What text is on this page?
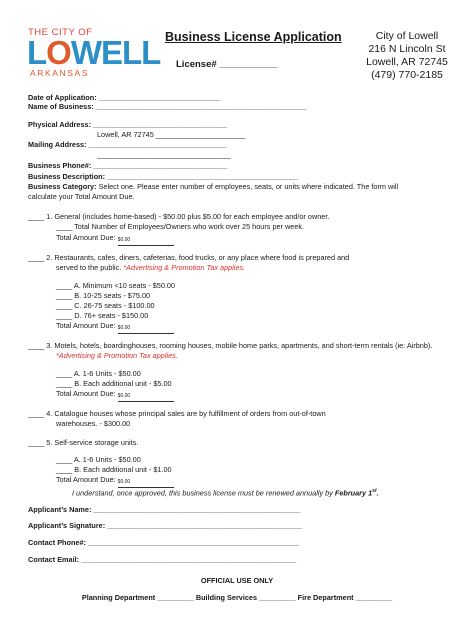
THE CITY OF
LOWELL
ARKANSAS
Business License Application
License# ___________
City of Lowell
216 N Lincoln St
Lowell, AR 72745
(479) 770-2185
Date of Application: ______________________________
Name of Business: ____________________________________________________
Physical Address: _________________________________
Lowell, AR 72745 ______________________
Mailing Address: __________________________________
_________________________________
Business Phone#: _________________________________
Business Description: _______________________________________________
Business Category: Select one. Please enter number of employees, seats, or units where indicated. The form will
calculate your Total Amount Due.
____ 1. General (includes home-based) - $50.00 plus $5.00 for each employee and/or owner.
____ Total Number of Employees/Owners who work over 25 hours per week.
Total Amount Due: $0.00
____ 2. Restaurants, cafes, diners, cafeterias, food trucks, or any place where food is prepared and
served to the public. *Advertising & Promotion Tax applies.
____ A. Minimum <10 seats - $50.00
____ B. 10-25 seats - $75.00
____ C. 26-75 seats - $100.00
____ D. 76+ seats - $150.00
Total Amount Due: $0.00
____ 3. Motels, hotels, boardinghouses, rooming houses, mobile home parks, apartments, and short-term rentals (ie: Airbnb).
*Advertising & Promotion Tax applies.
____ A. 1-6 Units - $50.00
____ B. Each additional unit - $5.00
Total Amount Due: $0.00
____ 4. Catalogue houses whose principal sales are by fulfillment of orders from out-of-town
warehouses. - $300.00
____ 5. Self-service storage units.
____ A. 1-6 Units - $50.00
____ B. Each additional unit - $1.00
Total Amount Due: $0.00
I understand, once approved, this business license must be renewed annually by February 1st.
Applicant’s Name: ___________________________________________________
Applicant’s Signature: ________________________________________________
Contact Phone#: ____________________________________________________
Contact Email: _____________________________________________________
OFFICIAL USE ONLY
Planning Department _________ Building Services _________ Fire Department _________
